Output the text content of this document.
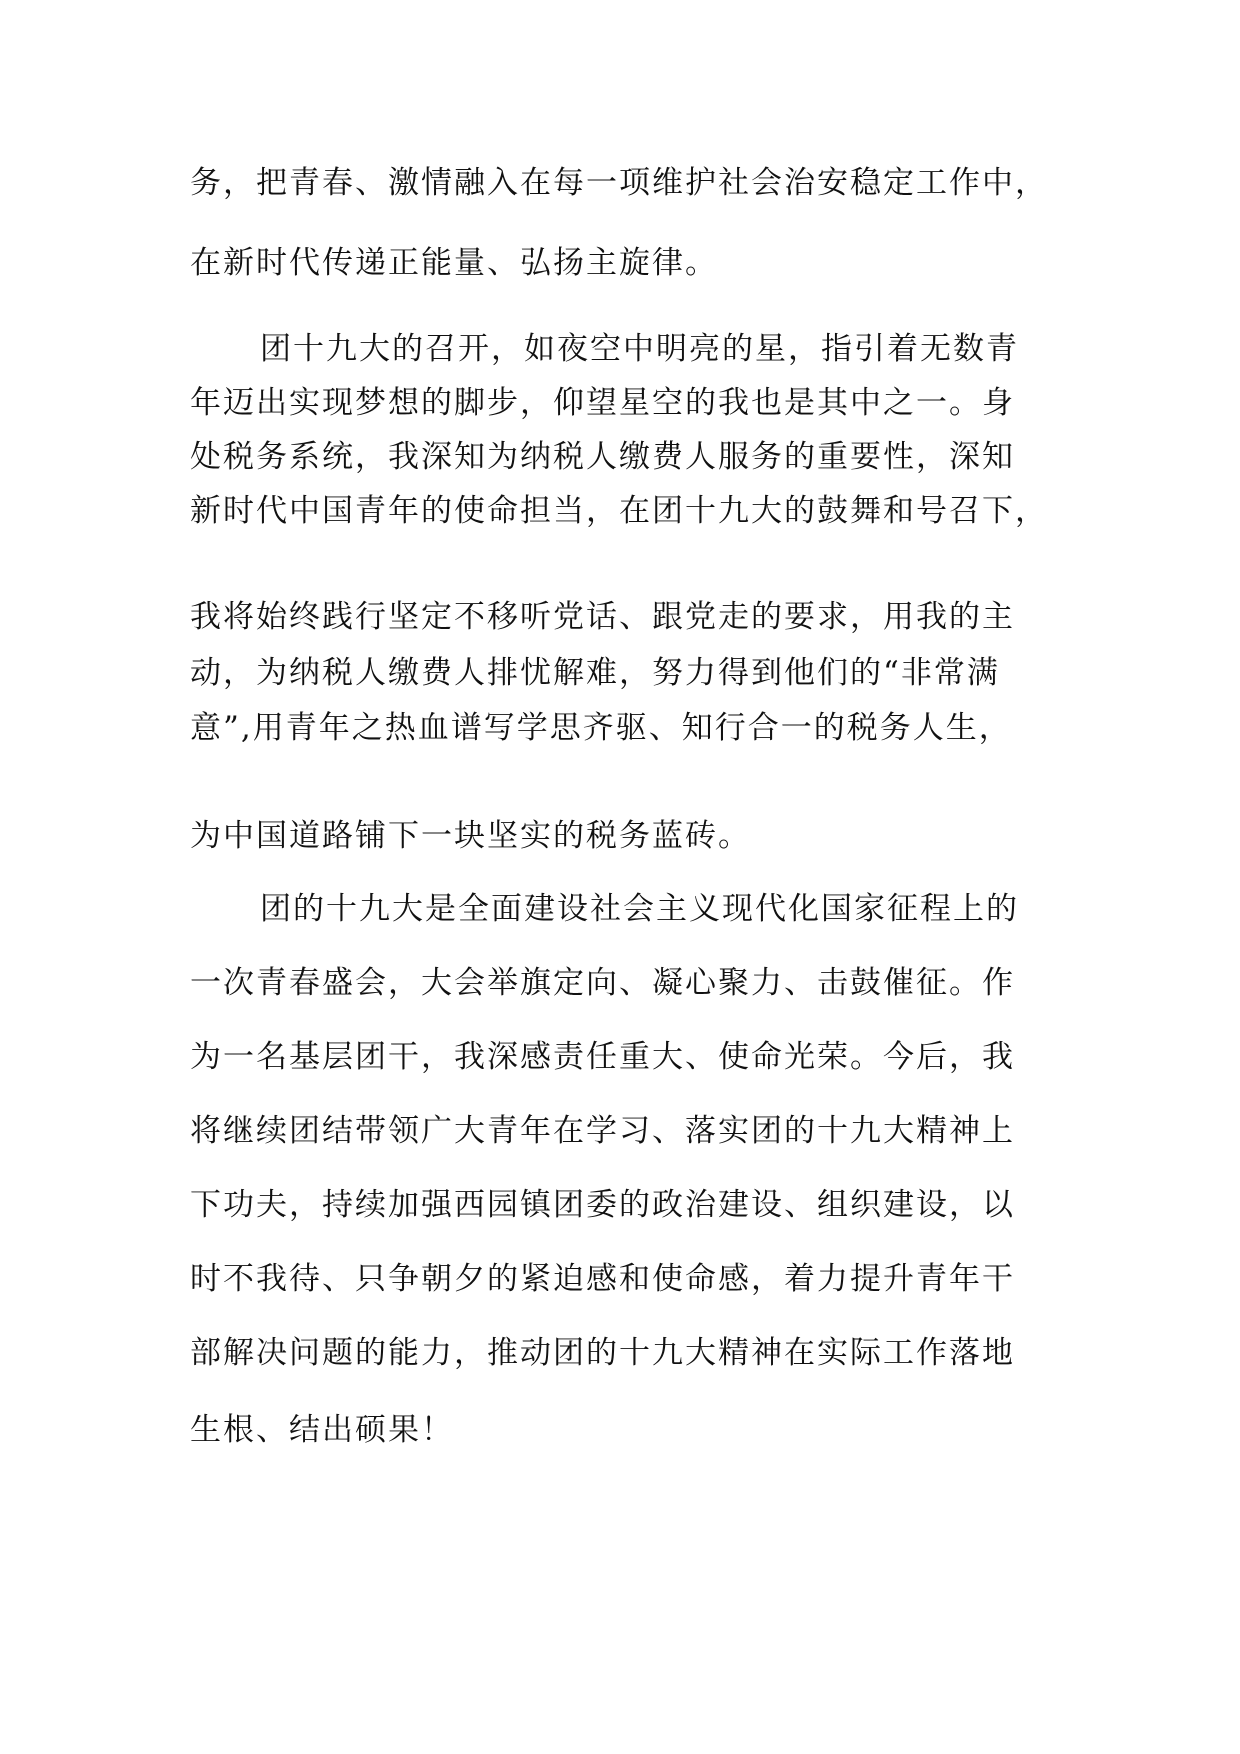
务，把青春、激情融入在每一项维护社会治安稳定工作中，

在新时代传递正能量、弘扬主旋律。

团十九大的召开，如夜空中明亮的星，指引着无数青

年迈出实现梦想的脚步，仰望星空的我也是其中之一。身

处税务系统，我深知为纳税人缴费人服务的重要性，深知

新时代中国青年的使命担当，在团十九大的鼓舞和号召下，

我将始终践行坚定不移听党话、跟党走的要求，用我的主

动，为纳税人缴费人排忧解难，努力得到他们的“非常满

意”,用青年之热血谱写学思齐驱、知行合一的税务人生，

为中国道路铺下一块坚实的税务蓝砖。

团的十九大是全面建设社会主义现代化国家征程上的

一次青春盛会，大会举旗定向、凝心聚力、击鼓催征。作

为一名基层团干，我深感责任重大、使命光荣。今后，我

将继续团结带领广大青年在学习、落实团的十九大精神上

下功夫，持续加强西园镇团委的政治建设、组织建设，以

时不我待、只争朝夕的紧迫感和使命感，着力提升青年干

部解决问题的能力，推动团的十九大精神在实际工作落地

生根、结出硕果！
